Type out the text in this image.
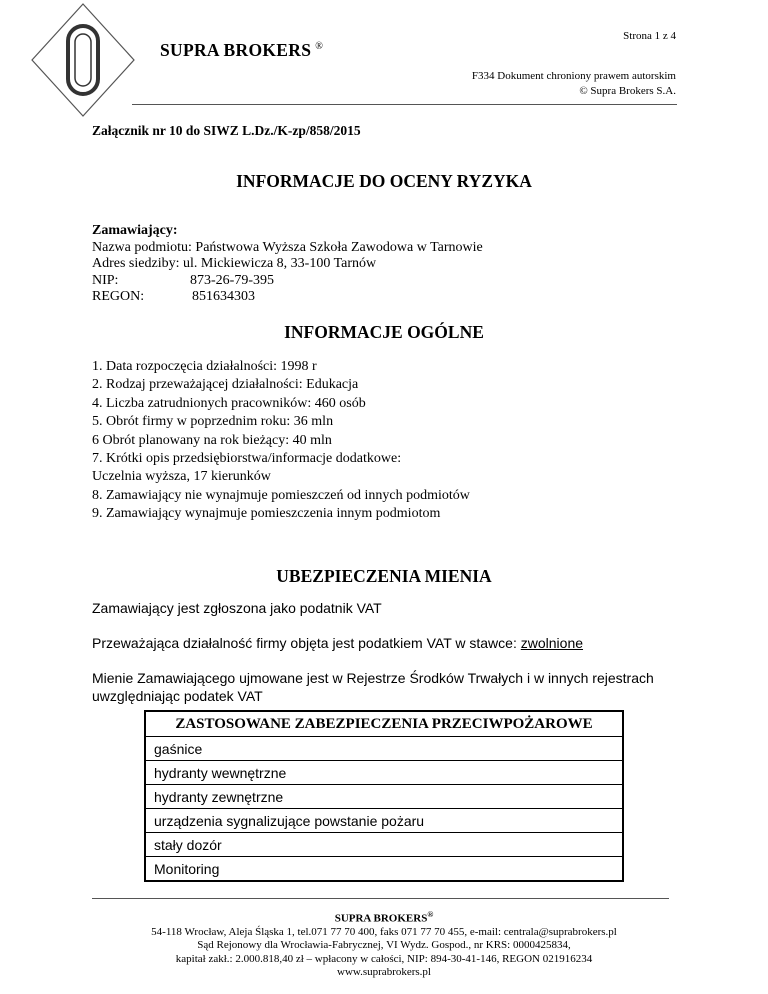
SUPRA BROKERS ®
Strona 1 z 4
F334 Dokument chroniony prawem autorskim
© Supra Brokers S.A.
Załącznik nr 10 do SIWZ L.Dz./K-zp/858/2015
INFORMACJE DO OCENY RYZYKA
Zamawiający:
Nazwa podmiotu: Państwowa Wyższa Szkoła Zawodowa w Tarnowie
Adres siedziby: ul. Mickiewicza 8, 33-100 Tarnów
NIP:	873-26-79-395
REGON:	851634303
INFORMACJE OGÓLNE
1. Data rozpoczęcia działalności: 1998 r
2. Rodzaj przeważającej działalności: Edukacja
4. Liczba zatrudnionych pracowników: 460 osób
5. Obrót firmy w poprzednim roku: 36 mln
6 Obrót planowany na rok bieżący: 40 mln
7. Krótki opis przedsiębiorstwa/informacje dodatkowe:
Uczelnia wyższa, 17 kierunków
8. Zamawiający nie wynajmuje pomieszczeń od innych podmiotów
9. Zamawiający wynajmuje pomieszczenia innym podmiotom
UBEZPIECZENIA MIENIA
Zamawiający jest zgłoszona jako podatnik VAT
Przeważająca działalność firmy objęta jest podatkiem VAT w stawce: zwolnione
Mienie Zamawiającego ujmowane jest w Rejestrze Środków Trwałych i w innych rejestrach
uwzględniając podatek VAT
ZASTOSOWANE ZABEZPIECZENIA PRZECIWPOŻAROWE
gaśnice
hydranty wewnętrzne
hydranty zewnętrzne
urządzenia sygnalizujące powstanie pożaru
stały dozór
Monitoring
SUPRA BROKERS®
54-118 Wrocław, Aleja Śląska 1, tel.071 77 70 400, faks 071 77 70 455, e-mail: centrala@suprabrokers.pl
Sąd Rejonowy dla Wrocławia-Fabrycznej, VI Wydz. Gospod., nr KRS: 0000425834,
kapitał zakł.: 2.000.818,40 zł – wpłacony w całości, NIP: 894-30-41-146, REGON 021916234
www.suprabrokers.pl
